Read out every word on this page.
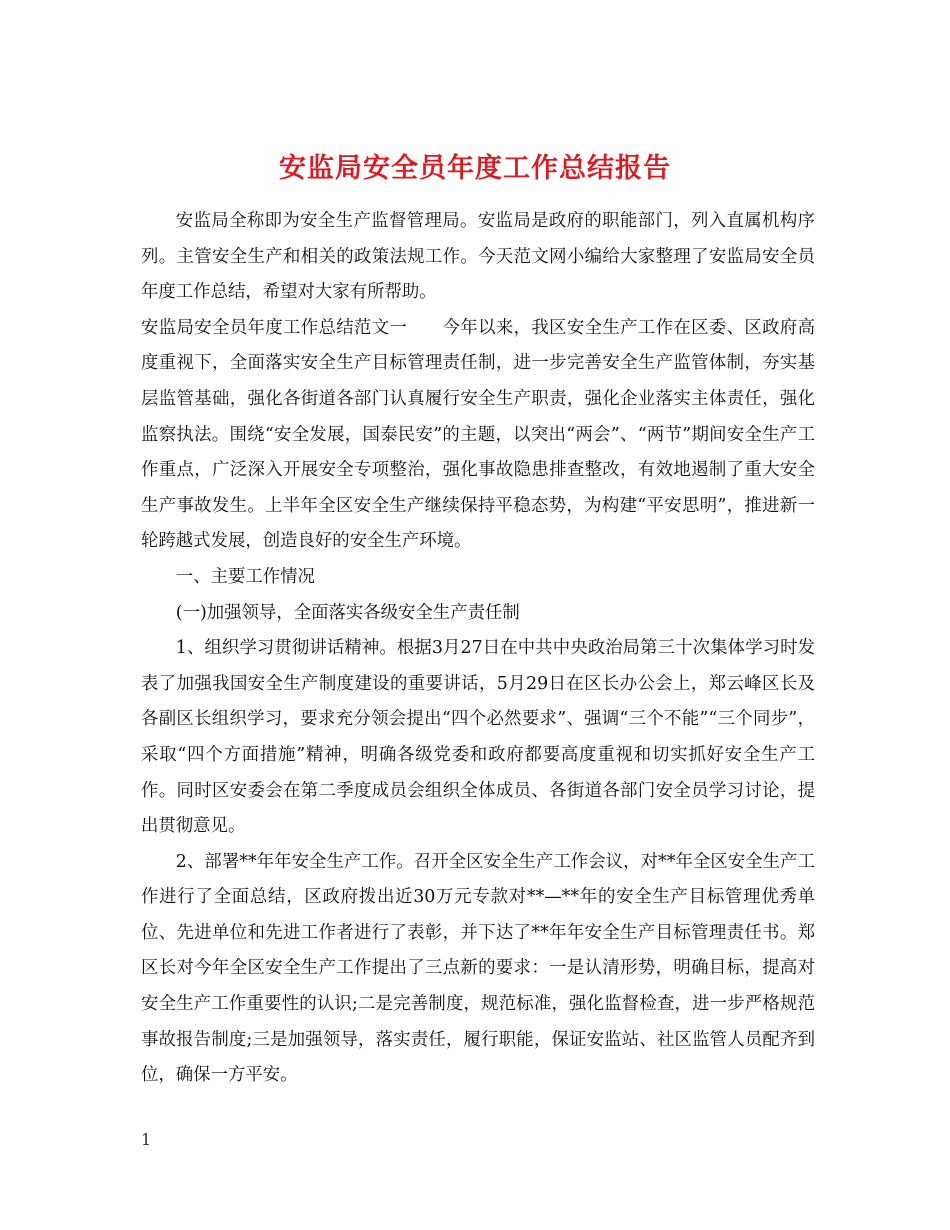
安监局安全员年度工作总结报告

安监局全称即为安全生产监督管理局。安监局是政府的职能部门，列入直属机构序列。主管安全生产和相关的政策法规工作。今天范文网小编给大家整理了安监局安全员年度工作总结，希望对大家有所帮助。

安监局安全员年度工作总结范文一　　今年以来，我区安全生产工作在区委、区政府高度重视下，全面落实安全生产目标管理责任制，进一步完善安全生产监管体制，夯实基层监管基础，强化各街道各部门认真履行安全生产职责，强化企业落实主体责任，强化监察执法。围绕“安全发展，国泰民安”的主题，以突出“两会”、“两节”期间安全生产工作重点，广泛深入开展安全专项整治，强化事故隐患排查整改，有效地遏制了重大安全生产事故发生。上半年全区安全生产继续保持平稳态势，为构建“平安思明”，推进新一轮跨越式发展，创造良好的安全生产环境。

一、主要工作情况

(一)加强领导，全面落实各级安全生产责任制

1、组织学习贯彻讲话精神。根据3月27日在中共中央政治局第三十次集体学习时发表了加强我国安全生产制度建设的重要讲话，5月29日在区长办公会上，郑云峰区长及各副区长组织学习，要求充分领会提出“四个必然要求”、强调“三个不能”“三个同步”，采取“四个方面措施”精神，明确各级党委和政府都要高度重视和切实抓好安全生产工作。同时区安委会在第二季度成员会组织全体成员、各街道各部门安全员学习讨论，提出贯彻意见。

2、部署**年年安全生产工作。召开全区安全生产工作会议，对**年全区安全生产工作进行了全面总结，区政府拨出近30万元专款对**—**年的安全生产目标管理优秀单位、先进单位和先进工作者进行了表彰，并下达了**年年安全生产目标管理责任书。郑区长对今年全区安全生产工作提出了三点新的要求：一是认清形势，明确目标，提高对安全生产工作重要性的认识;二是完善制度，规范标准，强化监督检查，进一步严格规范事故报告制度;三是加强领导，落实责任，履行职能，保证安监站、社区监管人员配齐到位，确保一方平安。

1
